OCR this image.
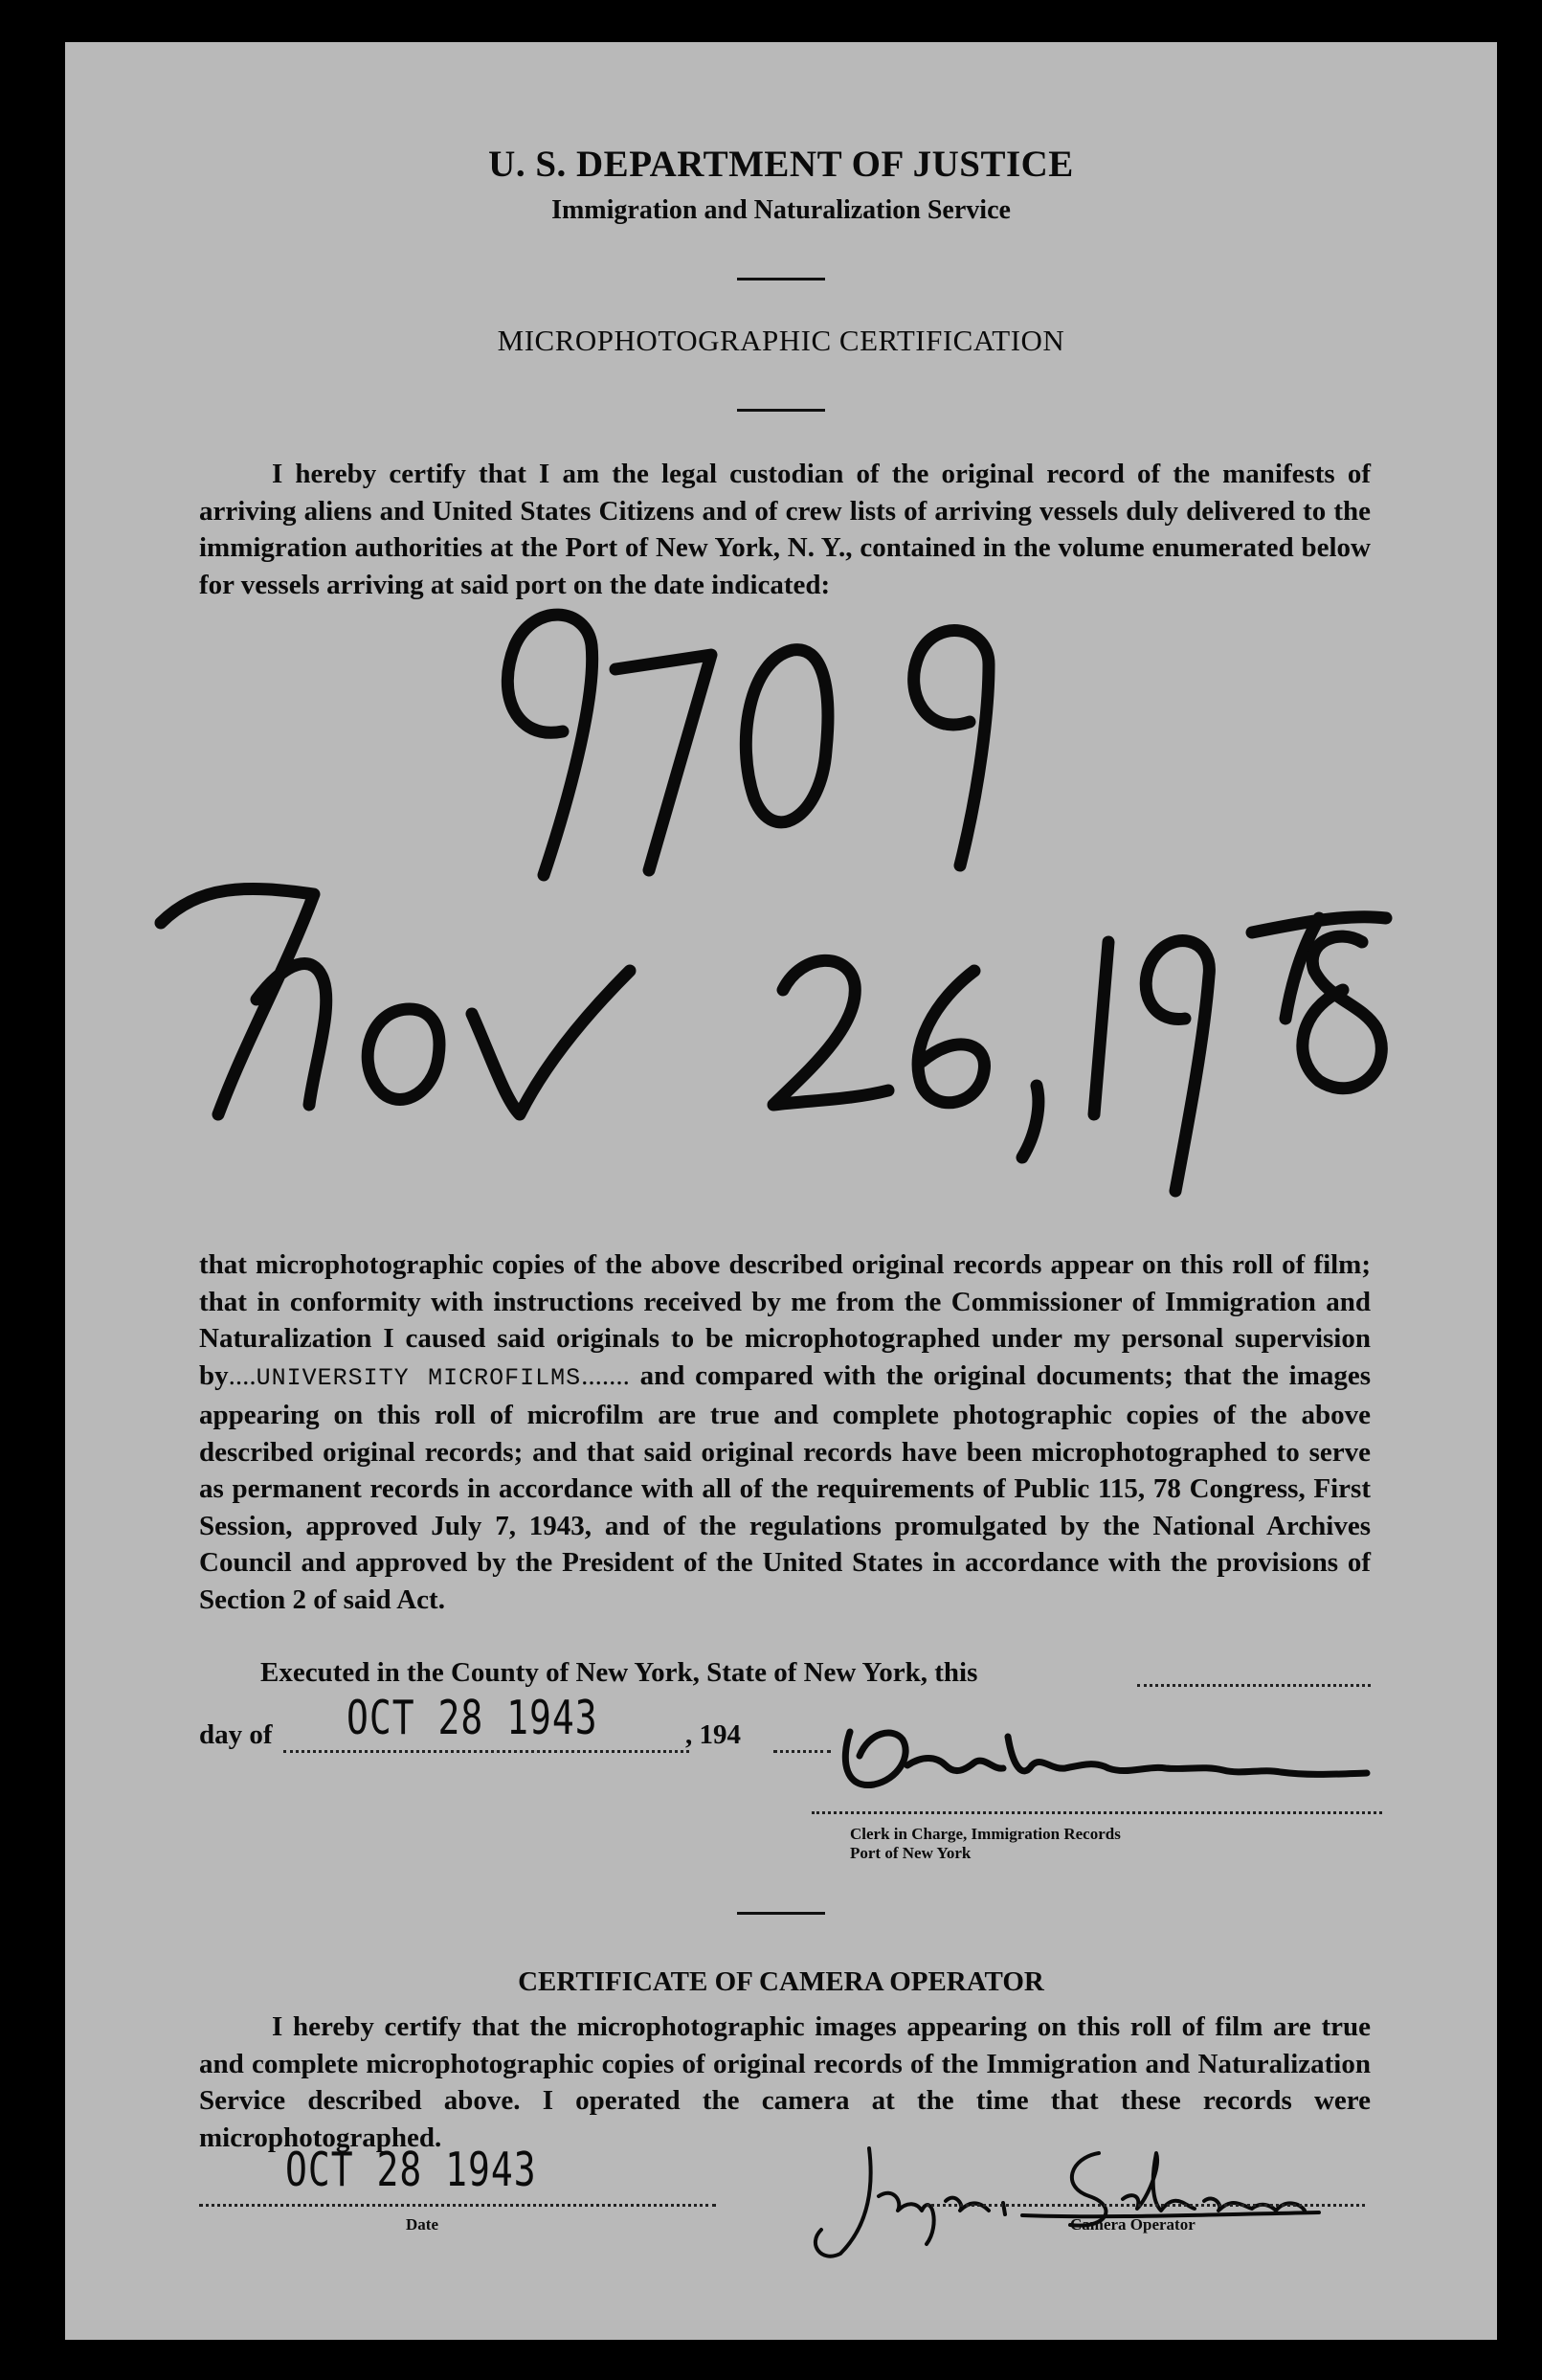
U. S. DEPARTMENT OF JUSTICE
Immigration and Naturalization Service
MICROPHOTOGRAPHIC CERTIFICATION

I hereby certify that I am the legal custodian of the original record of the manifests of arriving aliens and United States Citizens and of crew lists of arriving vessels duly delivered to the immigration authorities at the Port of New York, N. Y., contained in the volume enumerated below for vessels arriving at said port on the date indicated:

that microphotographic copies of the above described original records appear on this roll of film; that in conformity with instructions received by me from the Commissioner of Immigration and Naturalization I caused said originals to be microphotographed under my personal supervision by....UNIVERSITY MICROFILMS....... and compared with the original documents; that the images appearing on this roll of microfilm are true and complete photographic copies of the above described original records; and that said original records have been microphotographed to serve as permanent records in accordance with all of the requirements of Public 115, 78 Congress, First Session, approved July 7, 1943, and of the regulations promulgated by the National Archives Council and approved by the President of the United States in accordance with the provisions of Section 2 of said Act.

Executed in the County of New York, State of New York, this
day of OCT 28 1943	, 194
Clerk in Charge, Immigration Records
Port of New York
CERTIFICATE OF CAMERA OPERATOR

I hereby certify that the microphotographic images appearing on this roll of film are true and complete microphotographic copies of original records of the Immigration and Naturalization Service described above. I operated the camera at the time that these records were microphotographed.

OCT 28 1943
Date	Camera Operator
